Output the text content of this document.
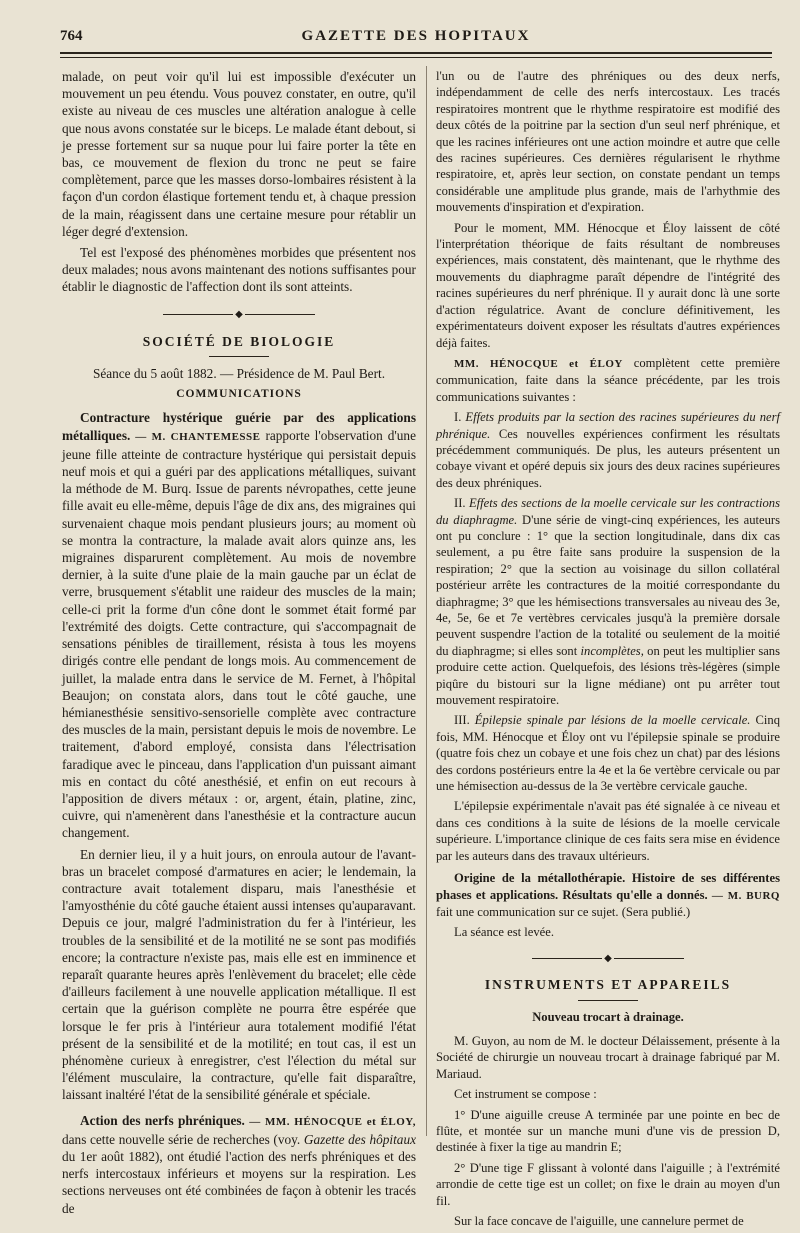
764	GAZETTE DES HOPITAUX

malade, on peut voir qu'il lui est impossible d'exécuter un mouvement un peu étendu. Vous pouvez constater, en outre, qu'il existe au niveau de ces muscles une altération analogue à celle que nous avons constatée sur le biceps. Le malade étant debout, si je presse fortement sur sa nuque pour lui faire porter la tête en bas, ce mouvement de flexion du tronc ne peut se faire complètement, parce que les masses dorso-lombaires résistent à la façon d'un cordon élastique fortement tendu et, à chaque pression de la main, réagissent dans une certaine mesure pour rétablir un léger degré d'extension.

Tel est l'exposé des phénomènes morbides que présentent nos deux malades; nous avons maintenant des notions suffisantes pour établir le diagnostic de l'affection dont ils sont atteints.

◆
SOCIÉTÉ DE BIOLOGIE

Séance du 5 août 1882. — Présidence de M. Paul Bert.

COMMUNICATIONS

Contracture hystérique guérie par des applications métalliques. — M. CHANTEMESSE rapporte l'observation d'une jeune fille atteinte de contracture hystérique qui persistait depuis neuf mois et qui a guéri par des applications métalliques, suivant la méthode de M. Burq. Issue de parents névropathes, cette jeune fille avait eu elle-même, depuis l'âge de dix ans, des migraines qui survenaient chaque mois pendant plusieurs jours; au moment où se montra la contracture, la malade avait alors quinze ans, les migraines disparurent complètement. Au mois de novembre dernier, à la suite d'une plaie de la main gauche par un éclat de verre, brusquement s'établit une raideur des muscles de la main; celle-ci prit la forme d'un cône dont le sommet était formé par l'extrémité des doigts. Cette contracture, qui s'accompagnait de sensations pénibles de tiraillement, résista à tous les moyens dirigés contre elle pendant de longs mois. Au commencement de juillet, la malade entra dans le service de M. Fernet, à l'hôpital Beaujon; on constata alors, dans tout le côté gauche, une hémianesthésie sensitivo-sensorielle complète avec contracture des muscles de la main, persistant depuis le mois de novembre. Le traitement, d'abord employé, consista dans l'électrisation faradique avec le pinceau, dans l'application d'un puissant aimant mis en contact du côté anesthésié, et enfin on eut recours à l'apposition de divers métaux : or, argent, étain, platine, zinc, cuivre, qui n'amenèrent dans l'anesthésie et la contracture aucun changement.

En dernier lieu, il y a huit jours, on enroula autour de l'avant-bras un bracelet composé d'armatures en acier; le lendemain, la contracture avait totalement disparu, mais l'anesthésie et l'amyosthénie du côté gauche étaient aussi intenses qu'auparavant. Depuis ce jour, malgré l'administration du fer à l'intérieur, les troubles de la sensibilité et de la motilité ne se sont pas modifiés encore; la contracture n'existe pas, mais elle est en imminence et reparaît quarante heures après l'enlèvement du bracelet; elle cède d'ailleurs facilement à une nouvelle application métallique. Il est certain que la guérison complète ne pourra être espérée que lorsque le fer pris à l'intérieur aura totalement modifié l'état présent de la sensibilité et de la motilité; en tout cas, il est un phénomène curieux à enregistrer, c'est l'élection du métal sur l'élément musculaire, la contracture, qu'elle fait disparaître, laissant inaltéré l'état de la sensibilité générale et spéciale.

Action des nerfs phréniques. — MM. HÉNOCQUE et ÉLOY, dans cette nouvelle série de recherches (voy. Gazette des hôpitaux du 1er août 1882), ont étudié l'action des nerfs phréniques et des nerfs intercostaux inférieurs et moyens sur la respiration. Les sections nerveuses ont été combinées de façon à obtenir les tracés de

l'un ou de l'autre des phréniques ou des deux nerfs, indépendamment de celle des nerfs intercostaux. Les tracés respiratoires montrent que le rhythme respiratoire est modifié des deux côtés de la poitrine par la section d'un seul nerf phrénique, et que les racines inférieures ont une action moindre et autre que celle des racines supérieures. Ces dernières régularisent le rhythme respiratoire, et, après leur section, on constate pendant un temps considérable une amplitude plus grande, mais de l'arhythmie des mouvements d'inspiration et d'expiration.

Pour le moment, MM. Hénocque et Éloy laissent de côté l'interprétation théorique de faits résultant de nombreuses expériences, mais constatent, dès maintenant, que le rhythme des mouvements du diaphragme paraît dépendre de l'intégrité des racines supérieures du nerf phrénique. Il y aurait donc là une sorte d'action régulatrice. Avant de conclure définitivement, les expérimentateurs doivent exposer les résultats d'autres expériences déjà faites.

MM. HÉNOCQUE et ÉLOY complètent cette première communication, faite dans la séance précédente, par les trois communications suivantes :

I. Effets produits par la section des racines supérieures du nerf phrénique. Ces nouvelles expériences confirment les résultats précédemment communiqués. De plus, les auteurs présentent un cobaye vivant et opéré depuis six jours des deux racines supérieures des deux phréniques.

II. Effets des sections de la moelle cervicale sur les contractions du diaphragme. D'une série de vingt-cinq expériences, les auteurs ont pu conclure : 1° que la section longitudinale, dans dix cas seulement, a pu être faite sans produire la suspension de la respiration; 2° que la section au voisinage du sillon collatéral postérieur arrête les contractures de la moitié correspondante du diaphragme; 3° que les hémisections transversales au niveau des 3e, 4e, 5e, 6e et 7e vertèbres cervicales jusqu'à la première dorsale peuvent suspendre l'action de la totalité ou seulement de la moitié du diaphragme; si elles sont incomplètes, on peut les multiplier sans produire cette action. Quelquefois, des lésions très-légères (simple piqûre du bistouri sur la ligne médiane) ont pu arrêter tout mouvement respiratoire.

III. Épilepsie spinale par lésions de la moelle cervicale. Cinq fois, MM. Hénocque et Éloy ont vu l'épilepsie spinale se produire (quatre fois chez un cobaye et une fois chez un chat) par des lésions des cordons postérieurs entre la 4e et la 6e vertèbre cervicale ou par une hémisection au-dessus de la 3e vertèbre cervicale gauche.

L'épilepsie expérimentale n'avait pas été signalée à ce niveau et dans ces conditions à la suite de lésions de la moelle cervicale supérieure. L'importance clinique de ces faits sera mise en évidence par les auteurs dans des travaux ultérieurs.

Origine de la métallothérapie. Histoire de ses différentes phases et applications. Résultats qu'elle a donnés. — M. BURQ fait une communication sur ce sujet. (Sera publié.)

La séance est levée.

◆
INSTRUMENTS ET APPAREILS
Nouveau trocart à drainage.

M. Guyon, au nom de M. le docteur Délaissement, présente à la Société de chirurgie un nouveau trocart à drainage fabriqué par M. Mariaud.

Cet instrument se compose :

1° D'une aiguille creuse A terminée par une pointe en bec de flûte, et montée sur un manche muni d'une vis de pression D, destinée à fixer la tige au mandrin E;

2° D'une tige F glissant à volonté dans l'aiguille ; à l'extrémité arrondie de cette tige est un collet; on fixe le drain au moyen d'un fil.

Sur la face concave de l'aiguille, une cannelure permet de
